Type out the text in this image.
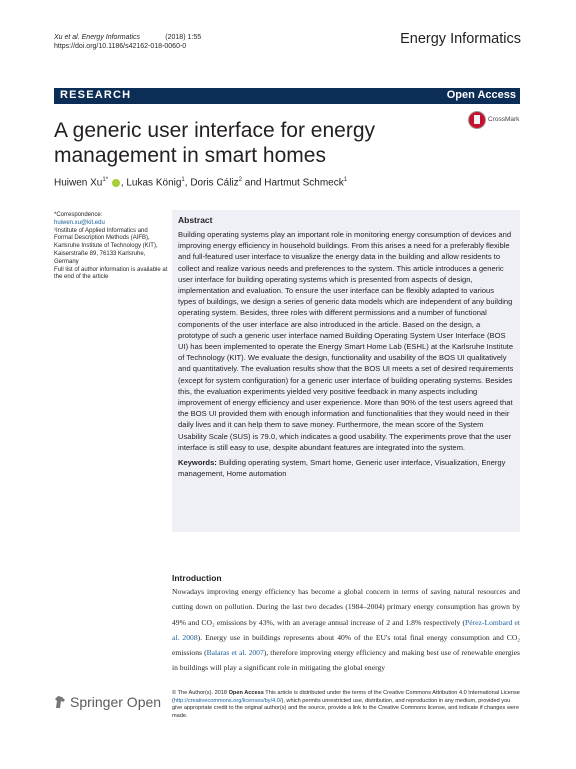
Xu et al. Energy Informatics	(2018) 1:55
https://doi.org/10.1186/s42162-018-0060-0	Energy Informatics
RESEARCH	Open Access
CrossMark
A generic user interface for energy management in smart homes
Huiwen $Xu^{1*}$ , Lukas König$^1$, Doris Cáliz$^2$ and Hartmut Schmeck$^1$
*Correspondence:
huiwen.xu@kit.edu
¹Institute of Applied Informatics and Formal Description Methods (AIFB), Karlsruhe Institute of Technology (KIT), Kaiserstraße 89, 76133 Karlsruhe, Germany
Full list of author information is available at the end of the article
Abstract
Building operating systems play an important role in monitoring energy consumption of devices and improving energy efficiency in household buildings. From this arises a need for a preferably flexible and full-featured user interface to visualize the energy data in the building and allow residents to collect and realize various needs and preferences to the system. This article introduces a generic user interface for building operating systems which is presented from aspects of design, implementation and evaluation. To ensure the user interface can be flexibly adapted to various types of buildings, we design a series of generic data models which are independent of any building operating system. Besides, three roles with different permissions and a number of functional components of the user interface are also introduced in the article. Based on the design, a prototype of such a generic user interface named Building Operating System User Interface (BOS UI) has been implemented to operate the Energy Smart Home Lab (ESHL) at the Karlsruhe Institute of Technology (KIT). We evaluate the design, functionality and usability of the BOS UI qualitatively and quantitatively. The evaluation results show that the BOS UI meets a set of desired requirements (except for system configuration) for a generic user interface of building operating systems. Besides this, the evaluation experiments yielded very positive feedback in many aspects including improvement of energy efficiency and user experience. More than 90% of the test users agreed that the BOS UI provided them with enough information and functionalities that they would need in their daily lives and it can help them to save money. Furthermore, the mean score of the System Usability Scale (SUS) is 79.0, which indicates a good usability. The experiments prove that the user interface is still easy to use, despite abundant features are integrated into the system.
Keywords: Building operating system, Smart home, Generic user interface, Visualization, Energy management, Home automation
Introduction
Nowadays improving energy efficiency has become a global concern in terms of saving natural resources and cutting down on pollution. During the last two decades (1984–2004) primary energy consumption has grown by 49% and CO₂ emissions by 43%, with an average annual increase of 2 and 1.8% respectively (Pérez-Lombard et al. 2008). Energy use in buildings represents about 40% of the EU's total final energy consumption and CO₂ emissions (Balaras et al. 2007), therefore improving energy efficiency and making best use of renewable energies in buildings will play a significant role in mitigating the global energy
Springer Open
© The Author(s). 2018 Open Access This article is distributed under the terms of the Creative Commons Attribution 4.0 International License (http://creativecommons.org/licenses/by/4.0/), which permits unrestricted use, distribution, and reproduction in any medium, provided you give appropriate credit to the original author(s) and the source, provide a link to the Creative Commons license, and indicate if changes were made.
